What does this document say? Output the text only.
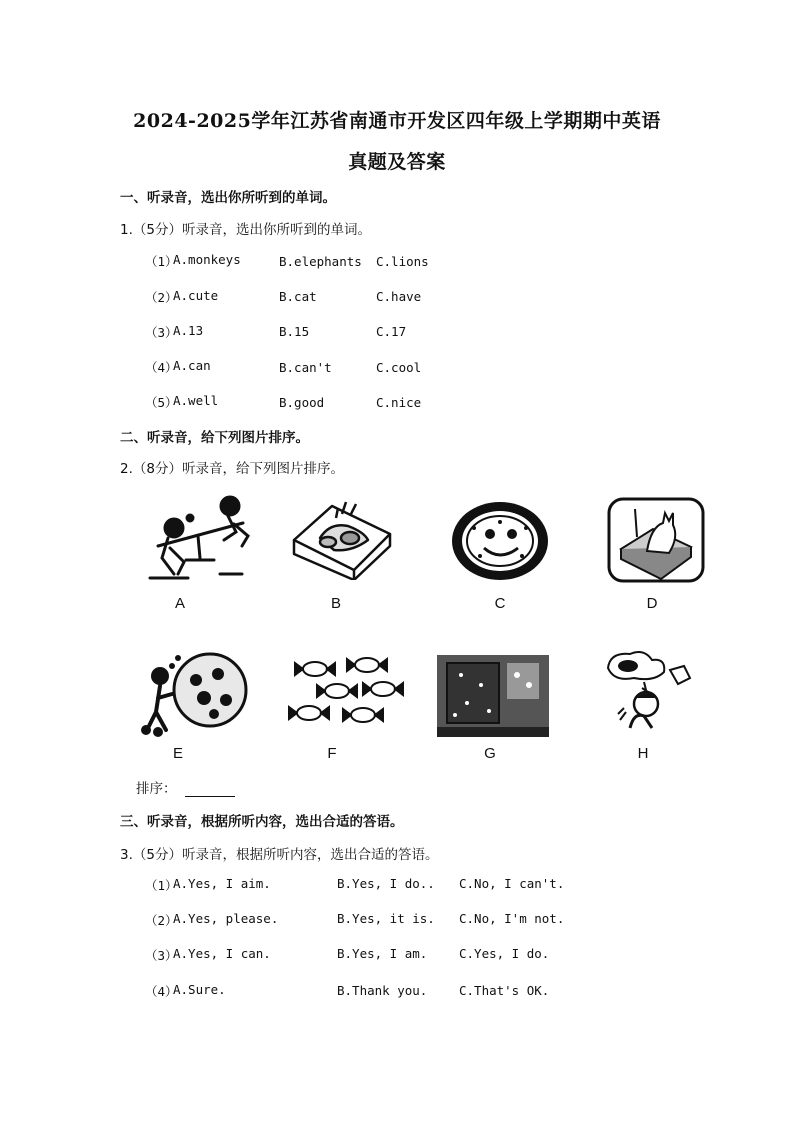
2024-2025学年江苏省南通市开发区四年级上学期期中英语
真题及答案
一、听录音，选出你所听到的单词。
1.（5分）听录音，选出你所听到的单词。
（1）
A.monkeys	B.elephants C.lions
（2）
A.cute	B.cat	C.have
（3）
A.13	B.15	C.17
（4）
A.can	B.can't	C.cool
（5）
A.well	B.good	C.nice
二、听录音，给下列图片排序。
2.（8分）听录音，给下列图片排序。
A	B	C	D
E	F	G	H
排序：
三、听录音，根据所听内容，选出合适的答语。
3.（5分）听录音，根据所听内容，选出合适的答语。
（1）
A.Yes, I aim.	B.Yes, I do.. C.No, I can't.
（2）
A.Yes, please.	B.Yes, it is. C.No, I'm not.
（3）
A.Yes, I can.	B.Yes, I am.	C.Yes, I do.
（4）
A.Sure.	B.Thank you.	C.That's OK.
